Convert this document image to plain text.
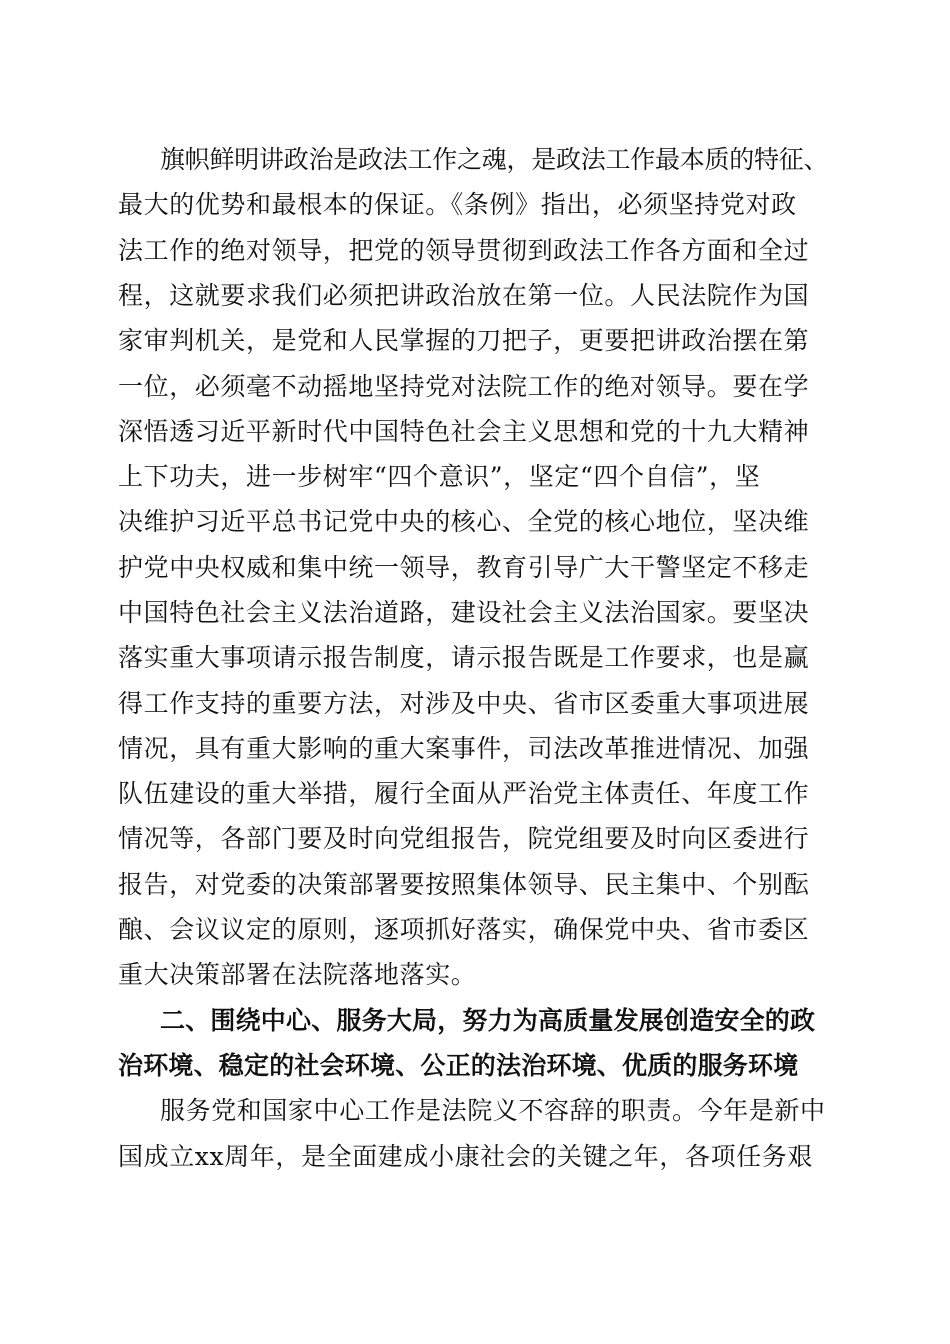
旗帜鲜明讲政治是政法工作之魂，是政法工作最本质的特征、
最大的优势和最根本的保证。《条例》指出，必须坚持党对政
法工作的绝对领导，把党的领导贯彻到政法工作各方面和全过
程，这就要求我们必须把讲政治放在第一位。人民法院作为国
家审判机关，是党和人民掌握的刀把子，更要把讲政治摆在第
一位，必须毫不动摇地坚持党对法院工作的绝对领导。要在学
深悟透习近平新时代中国特色社会主义思想和党的十九大精神
上下功夫，进一步树牢“四个意识”，坚定“四个自信”，坚
决维护习近平总书记党中央的核心、全党的核心地位，坚决维
护党中央权威和集中统一领导，教育引导广大干警坚定不移走
中国特色社会主义法治道路，建设社会主义法治国家。要坚决
落实重大事项请示报告制度，请示报告既是工作要求，也是赢
得工作支持的重要方法，对涉及中央、省市区委重大事项进展
情况，具有重大影响的重大案事件，司法改革推进情况、加强
队伍建设的重大举措，履行全面从严治党主体责任、年度工作
情况等，各部门要及时向党组报告，院党组要及时向区委进行
报告，对党委的决策部署要按照集体领导、民主集中、个别酝
酿、会议议定的原则，逐项抓好落实，确保党中央、省市委区
重大决策部署在法院落地落实。
二、围绕中心、服务大局，努力为高质量发展创造安全的政
治环境、稳定的社会环境、公正的法治环境、优质的服务环境
服务党和国家中心工作是法院义不容辞的职责。今年是新中
国成立xx周年，是全面建成小康社会的关键之年，各项任务艰
